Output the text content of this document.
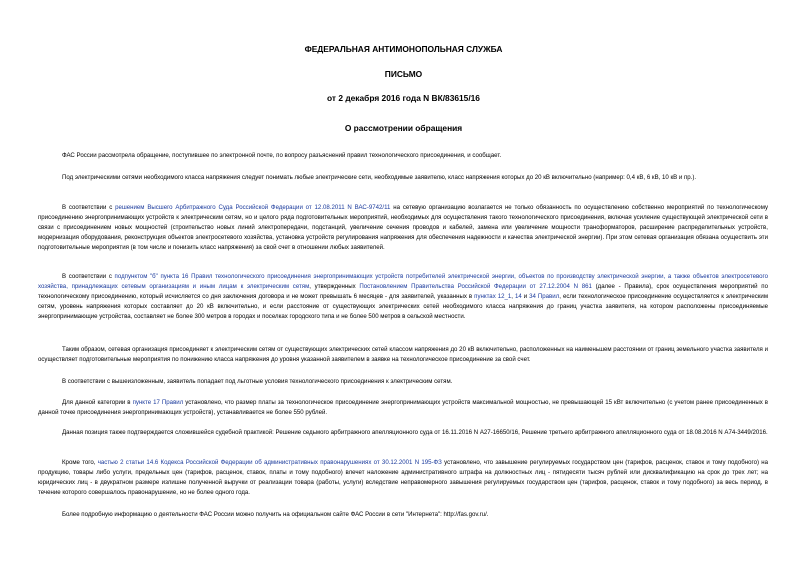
ФЕДЕРАЛЬНАЯ АНТИМОНОПОЛЬНАЯ СЛУЖБА
ПИСЬМО
от 2 декабря 2016 года N ВК/83615/16
О рассмотрении обращения

ФАС России рассмотрела обращение, поступившее по электронной почте, по вопросу разъяснений правил технологического присоединения, и сообщает.

Под электрическими сетями необходимого класса напряжения следует понимать любые электрические сети, необходимые заявителю, класс напряжения которых до 20 кВ включительно (например: 0,4 кВ, 6 кВ, 10 кВ и пр.).

В соответствии с решением Высшего Арбитражного Суда Российской Федерации от 12.08.2011 N ВАС-9742/11 на сетевую организацию возлагается не только обязанность по осуществлению собственно мероприятий по технологическому присоединению энергопринимающих устройств к электрическим сетям, но и целого ряда подготовительных мероприятий, необходимых для осуществления такого технологического присоединения, включая усиление существующей электрической сети в связи с присоединением новых мощностей (строительство новых линий электропередачи, подстанций, увеличение сечения проводов и кабелей, замена или увеличение мощности трансформаторов, расширение распределительных устройств, модернизация оборудования, реконструкция объектов электросетевого хозяйства, установка устройств регулирования напряжения для обеспечения надежности и качества электрической энергии). При этом сетевая организация обязана осуществить эти подготовительные мероприятия (в том числе и понизить класс напряжения) за свой счет в отношении любых заявителей.

В соответствии с подпунктом "б" пункта 16 Правил технологического присоединения энергопринимающих устройств потребителей электрической энергии, объектов по производству электрической энергии, а также объектов электросетевого хозяйства, принадлежащих сетевым организациям и иным лицам к электрическим сетям, утвержденных Постановлением Правительства Российской Федерации от 27.12.2004 N 861 (далее - Правила), срок осуществления мероприятий по технологическому присоединению, который исчисляется со дня заключения договора и не может превышать 6 месяцев - для заявителей, указанных в пунктах 12_1, 14 и 34 Правил, если технологическое присоединение осуществляется к электрическим сетям, уровень напряжения которых составляет до 20 кВ включительно, и если расстояние от существующих электрических сетей необходимого класса напряжения до границ участка заявителя, на котором расположены присоединяемые энергопринимающие устройства, составляет не более 300 метров в городах и поселках городского типа и не более 500 метров в сельской местности.

Таким образом, сетевая организация присоединяет к электрическим сетям от существующих электрических сетей классом напряжения до 20 кВ включительно, расположенных на наименьшем расстоянии от границ земельного участка заявителя и осуществляет подготовительные мероприятия по понижению класса напряжения до уровня указанной заявителем в заявке на технологическое присоединение за свой счет.

В соответствии с вышеизложенным, заявитель попадает под льготные условия технологического присоединения к электрическим сетям.

Для данной категории в пункте 17 Правил установлено, что размер платы за технологическое присоединение энергопринимающих устройств максимальной мощностью, не превышающей 15 кВт включительно (с учетом ранее присоединенных в данной точке присоединения энергопринимающих устройств), устанавливается не более 550 рублей.

Данная позиция также подтверждается сложившейся судебной практикой: Решение седьмого арбитражного апелляционного суда от 16.11.2016 N А27-16650/16, Решение третьего арбитражного апелляционного суда от 18.08.2016 N А74-3449/2016.

Кроме того, частью 2 статьи 14.6 Кодекса Российской Федерации об административных правонарушениях от 30.12.2001 N 195-ФЗ установлено, что завышение регулируемых государством цен (тарифов, расценок, ставок и тому подобного) на продукцию, товары либо услуги, предельных цен (тарифов, расценок, ставок, платы и тому подобного) влечет наложение административного штрафа на должностных лиц - пятидесяти тысяч рублей или дисквалификацию на срок до трех лет; на юридических лиц - в двукратном размере излишне полученной выручки от реализации товара (работы, услуги) вследствие неправомерного завышения регулируемых государством цен (тарифов, расценок, ставок и тому подобного) за весь период, в течение которого совершалось правонарушение, но не более одного года.

Более подробную информацию о деятельности ФАС России можно получить на официальном сайте ФАС России в сети "Интернета": http://fas.gov.ru/.
